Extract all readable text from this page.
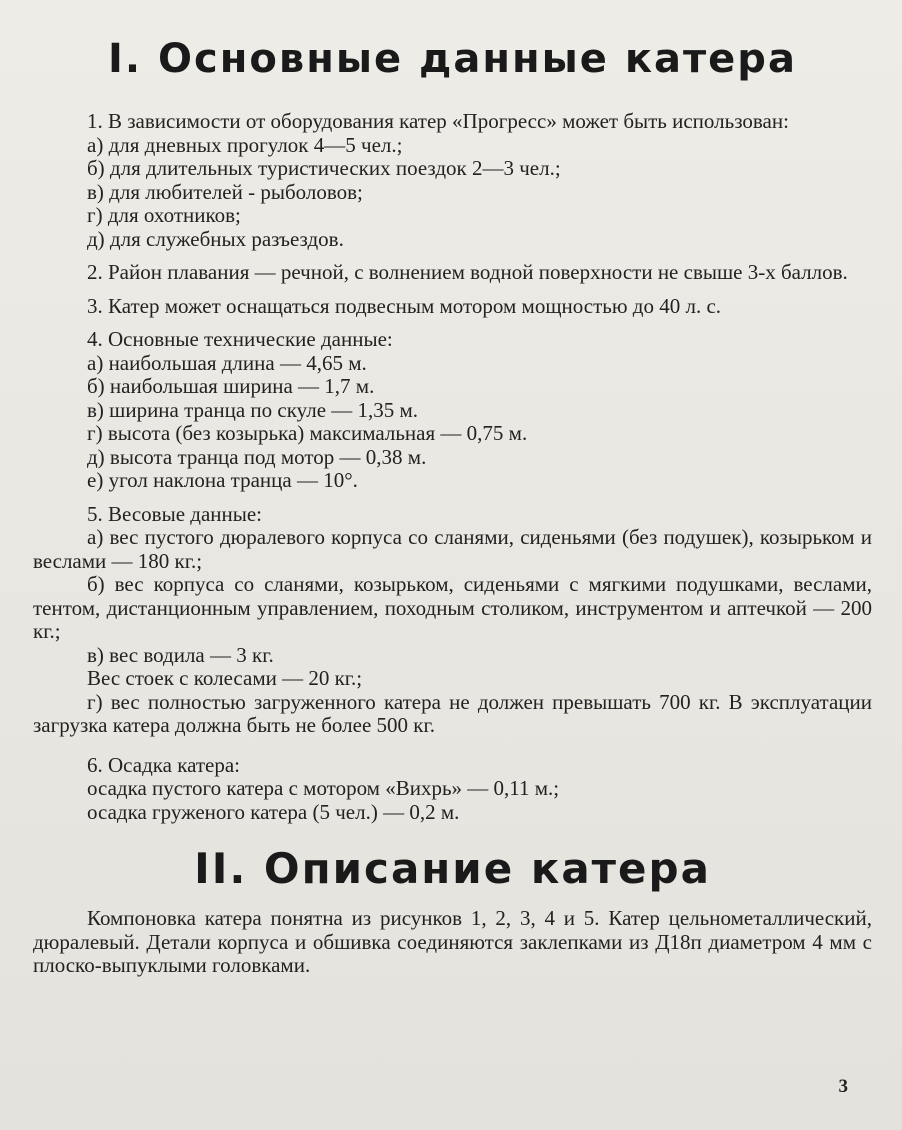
I. Основные данные катера

1. В зависимости от оборудования катер «Прогресс» может быть использован:

а) для дневных прогулок 4—5 чел.;

б) для длительных туристических поездок 2—3 чел.;

в) для любителей - рыболовов;

г) для охотников;

д) для служебных разъездов.

2. Район плавания — речной, с волнением водной поверхности не свыше 3-х баллов.

3. Катер может оснащаться подвесным мотором мощностью до 40 л. с.

4. Основные технические данные:

а) наибольшая длина — 4,65 м.

б) наибольшая ширина — 1,7 м.

в) ширина транца по скуле — 1,35 м.

г) высота (без козырька) максимальная — 0,75 м.

д) высота транца под мотор — 0,38 м.

е) угол наклона транца — 10°.

5. Весовые данные:

а) вес пустого дюралевого корпуса со сланями, сиденьями (без подушек), козырьком и веслами — 180 кг.;

б) вес корпуса со сланями, козырьком, сиденьями с мягкими подушками, веслами, тентом, дистанционным управлением, походным столиком, инструментом и аптечкой — 200 кг.;

в) вес водила — 3 кг.

Вес стоек с колесами — 20 кг.;

г) вес полностью загруженного катера не должен превышать 700 кг. В эксплуатации загрузка катера должна быть не более 500 кг.

6. Осадка катера:

осадка пустого катера с мотором «Вихрь» — 0,11 м.;

осадка груженого катера (5 чел.) — 0,2 м.

II. Описание катера

Компоновка катера понятна из рисунков 1, 2, 3, 4 и 5. Катер цельнометаллический, дюралевый. Детали корпуса и обшивка соединяются заклепками из Д18п диаметром 4 мм с плоско-выпуклыми головками.

3
